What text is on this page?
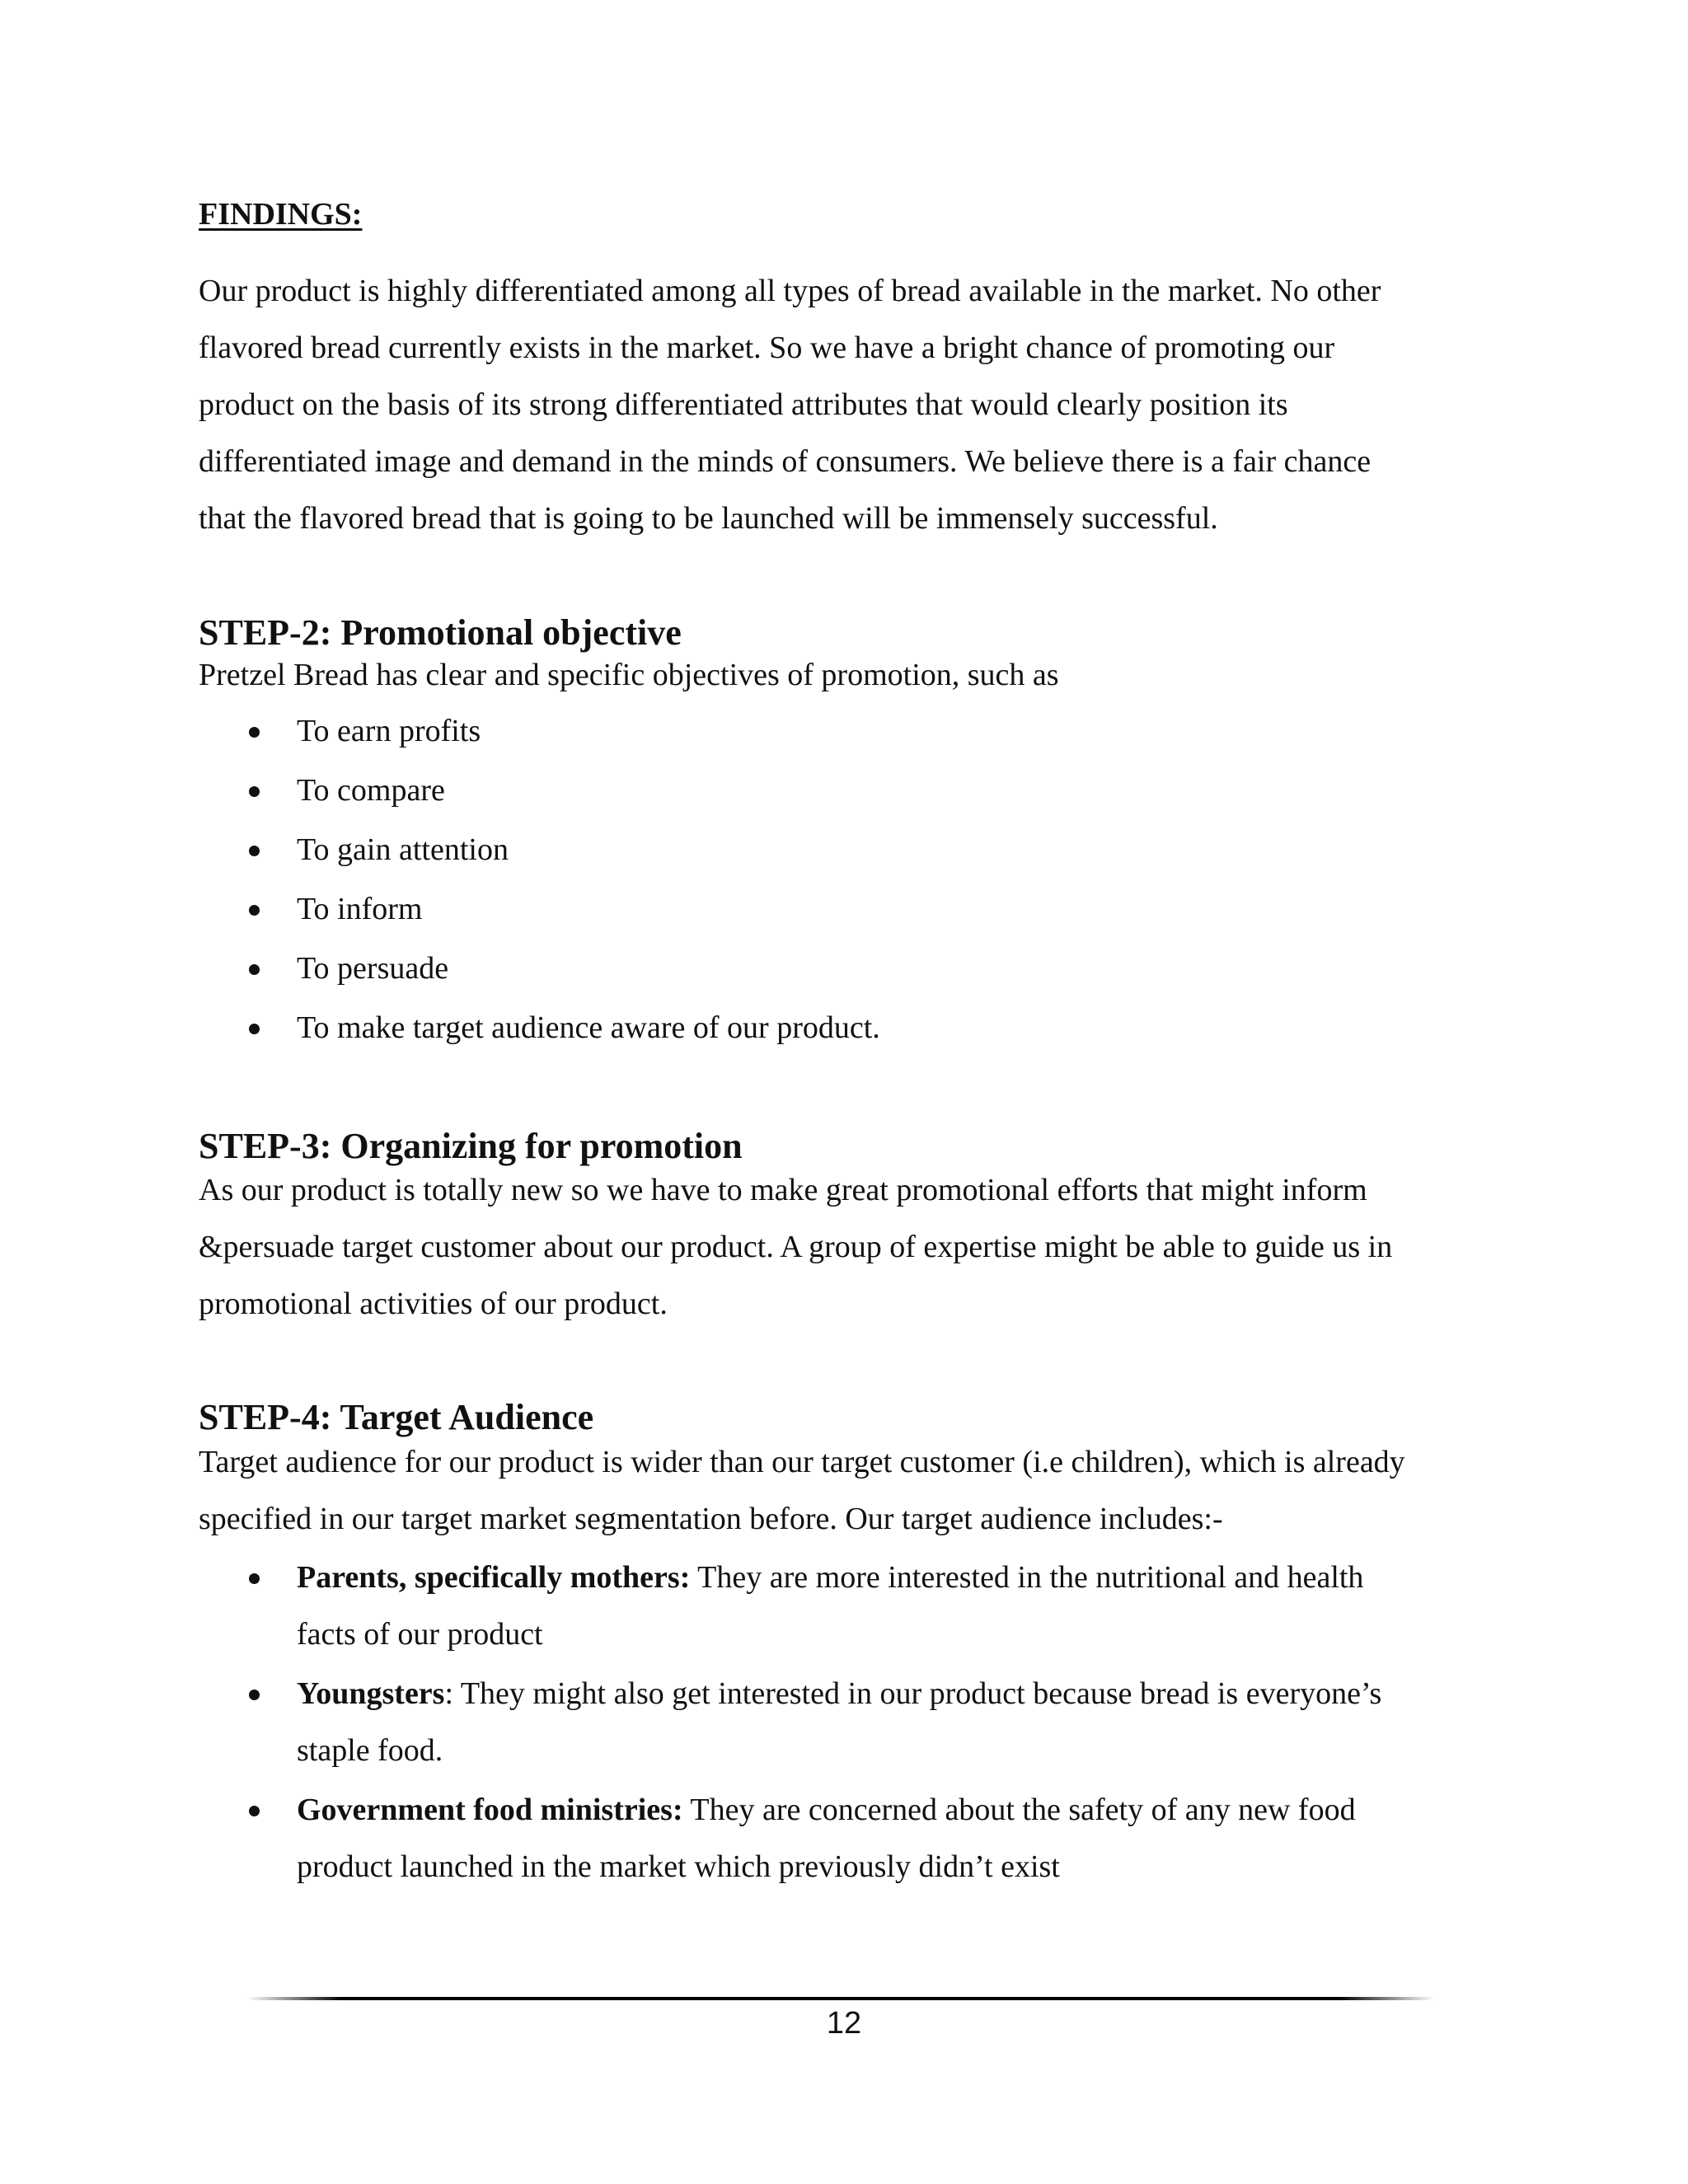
FINDINGS:
Our product is highly differentiated among all types of bread available in the market. No other
flavored bread currently exists in the market. So we have a bright chance of promoting our
product on the basis of its strong differentiated attributes that would clearly position its
differentiated image and demand in the minds of consumers. We believe there is a fair chance
that the flavored bread that is going to be launched will be immensely successful.
STEP-2: Promotional objective
Pretzel Bread has clear and specific objectives of promotion, such as
To earn profits
To compare
To gain attention
To inform
To persuade
To make target audience aware of our product.
STEP-3: Organizing for promotion
As our product is totally new so we have to make great promotional efforts that might inform
&persuade target customer about our product. A group of expertise might be able to guide us in
promotional activities of our product.
STEP-4: Target Audience
Target audience for our product is wider than our target customer (i.e children), which is already
specified in our target market segmentation before. Our target audience includes:-
Parents, specifically mothers: They are more interested in the nutritional and health
facts of our product
Youngsters: They might also get interested in our product because bread is everyone’s
staple food.
Government food ministries: They are concerned about the safety of any new food
product launched in the market which previously didn’t exist
12
